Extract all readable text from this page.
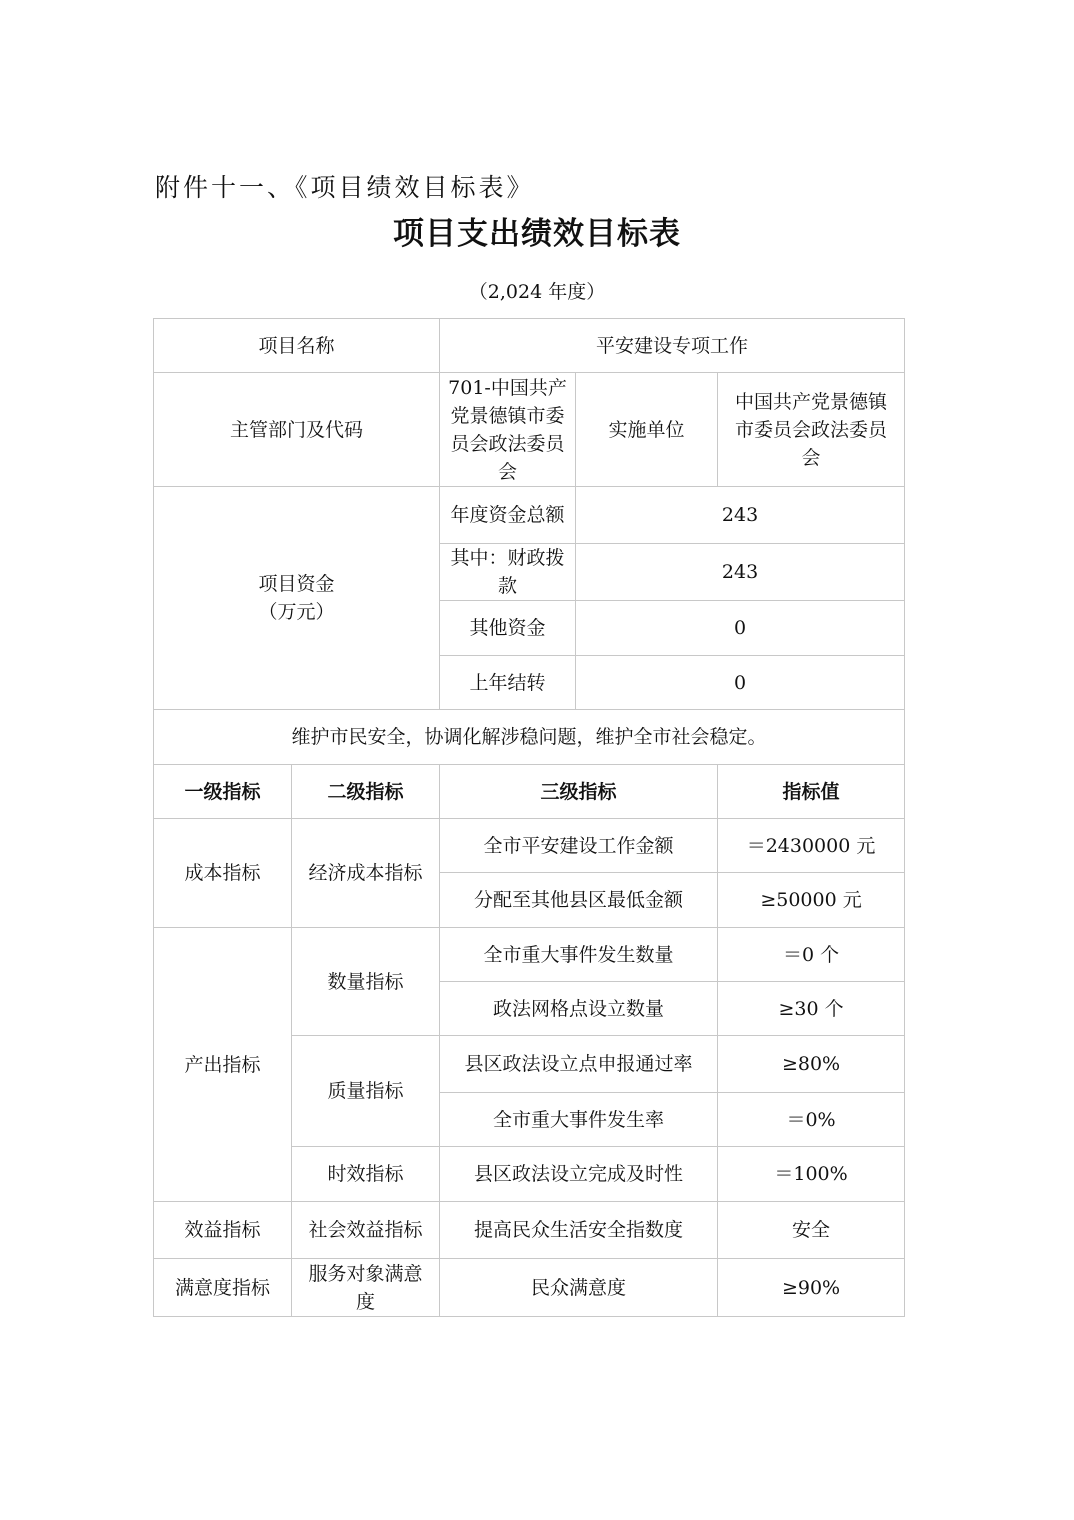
附件十一、《项目绩效目标表》
项目支出绩效目标表
（2,024 年度）
项目名称		平安建设专项工作		
主管部门及代码		701-中国共产党景德镇市委员会政法委员会	实施单位	中国共产党景德镇市委员会政法委员会
项目资金
（万元）		年度资金总额	243	
		其中：财政拨款	243	
		其他资金	0	
		上年结转	0	
维护市民安全，协调化解涉稳问题，维护全市社会稳定。				
一级指标	二级指标	三级指标		指标值
成本指标	经济成本指标	全市平安建设工作金额		＝2430000 元
		分配至其他县区最低金额		≥50000 元
产出指标	数量指标	全市重大事件发生数量		＝0 个
		政法网格点设立数量		≥30 个
	质量指标	县区政法设立点申报通过率		≥80%
		全市重大事件发生率		＝0%
	时效指标	县区政法设立完成及时性		＝100%
效益指标	社会效益指标	提高民众生活安全指数度		安全
满意度指标	服务对象满意度	民众满意度		≥90%
